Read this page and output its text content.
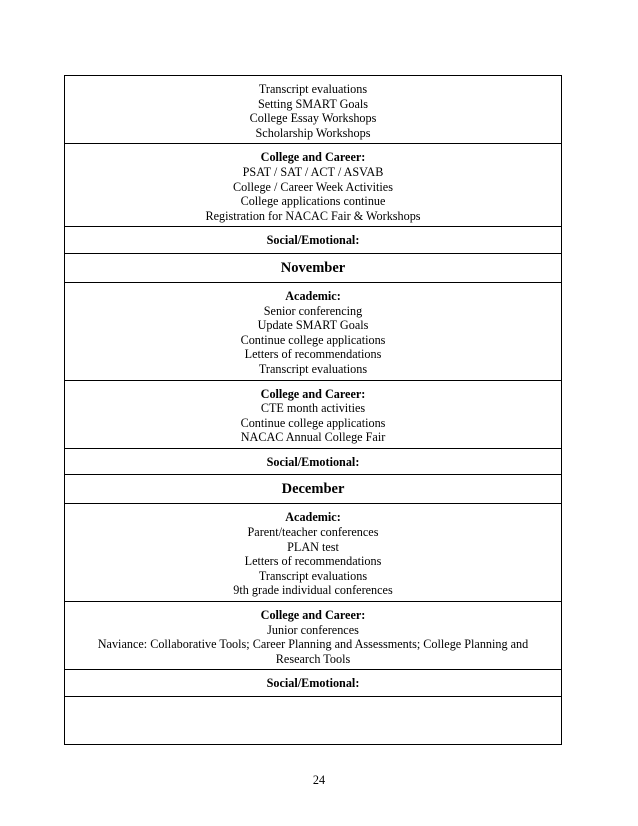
Transcript evaluations
Setting SMART Goals
College Essay Workshops
Scholarship Workshops
College and Career:
PSAT / SAT / ACT / ASVAB
College / Career Week Activities
College applications continue
Registration for NACAC Fair & Workshops
Social/Emotional:
November
Academic:
Senior conferencing
Update SMART Goals
Continue college applications
Letters of recommendations
Transcript evaluations
College and Career:
CTE month activities
Continue college applications
NACAC Annual College Fair
Social/Emotional:
December
Academic:
Parent/teacher conferences
PLAN test
Letters of recommendations
Transcript evaluations
9th grade individual conferences
College and Career:
Junior conferences
Naviance: Collaborative Tools; Career Planning and Assessments; College Planning and
Research Tools
Social/Emotional:
24
